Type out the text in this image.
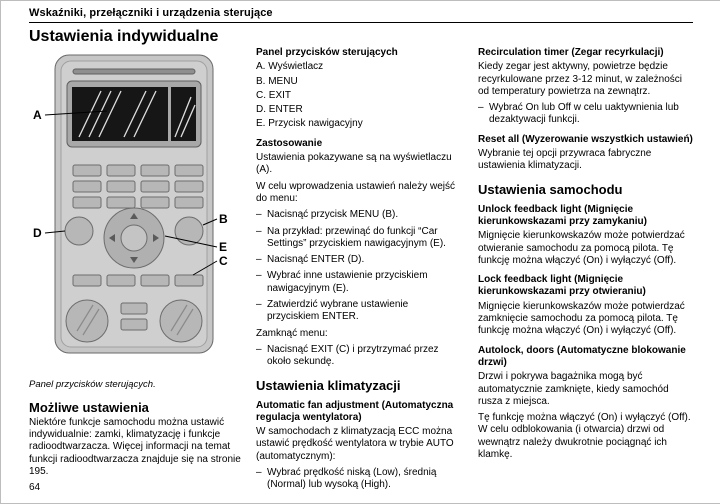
Wskaźniki, przełączniki i urządzenia sterujące
Ustawienia indywidualne
A
D
B
E
C
Panel przycisków sterujących.
Możliwe ustawienia

Niektóre funkcje samochodu można ustawić indywidualnie: zamki, klimatyzację i funkcje radioodtwarzacza. Więcej informacji na temat funkcji radioodtwarzacza znajduje się na stronie 195.

Panel przycisków sterujących

A. Wyświetlacz

B. MENU

C. EXIT

D. ENTER

E. Przycisk nawigacyjny

Zastosowanie

Ustawienia pokazywane są na wyświetlaczu (A).

W celu wprowadzenia ustawień należy wejść do menu:

– Nacisnąć przycisk MENU (B).

– Na przykład: przewinąć do funkcji “Car Settings” przyciskiem nawigacyjnym (E).

– Nacisnąć ENTER (D).

– Wybrać inne ustawienie przyciskiem nawigacyjnym (E).

– Zatwierdzić wybrane ustawienie przyciskiem ENTER.

Zamknąć menu:

– Nacisnąć EXIT (C) i przytrzymać przez około sekundę.

Ustawienia klimatyzacji
Automatic fan adjustment (Automatyczna regulacja wentylatora)

W samochodach z klimatyzacją ECC można ustawić prędkość wentylatora w trybie AUTO (automatycznym):

– Wybrać prędkość niską (Low), średnią (Normal) lub wysoką (High).

Recirculation timer (Zegar recyrkulacji)

Kiedy zegar jest aktywny, powietrze będzie recyrkulowane przez 3-12 minut, w zależności od temperatury powietrza na zewnątrz.

– Wybrać On lub Off w celu uaktywnienia lub dezaktywacji funkcji.

Reset all (Wyzerowanie wszystkich ustawień)

Wybranie tej opcji przywraca fabryczne ustawienia klimatyzacji.

Ustawienia samochodu
Unlock feedback light (Mignięcie kierunkowskazami przy zamykaniu)

Mignięcie kierunkowskazów może potwierdzać otwieranie samochodu za pomocą pilota. Tę funkcję można włączyć (On) i wyłączyć (Off).

Lock feedback light (Mignięcie kierunkowskazami przy otwieraniu)

Mignięcie kierunkowskazów może potwierdzać zamknięcie samochodu za pomocą pilota. Tę funkcję można włączyć (On) i wyłączyć (Off).

Autolock, doors (Automatyczne blokowanie drzwi)

Drzwi i pokrywa bagażnika mogą być automatycznie zamknięte, kiedy samochód rusza z miejsca.

Tę funkcję można włączyć (On) i wyłączyć (Off). W celu odblokowania (i otwarcia) drzwi od wewnątrz należy dwukrotnie pociągnąć ich klamkę.

64
